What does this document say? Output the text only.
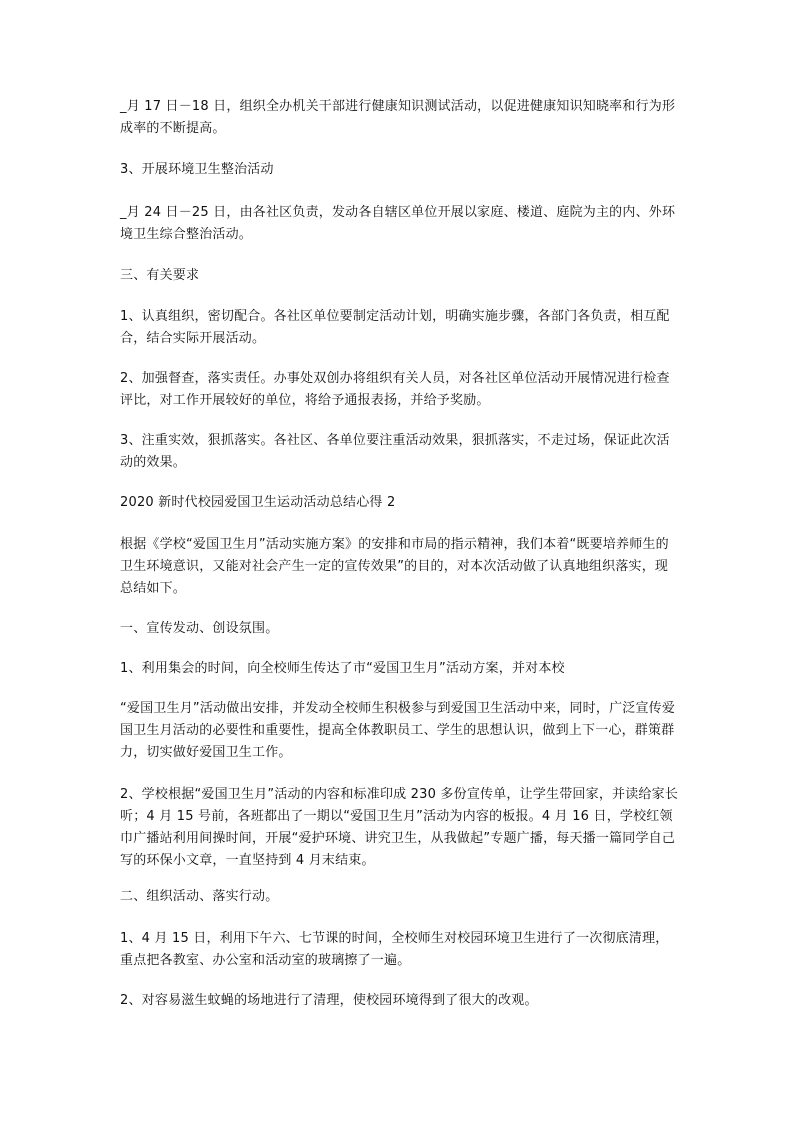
_月 17 日－18 日，组织全办机关干部进行健康知识测试活动，以促进健康知识知晓率和行为形成率的不断提高。

3、开展环境卫生整治活动

_月 24 日－25 日，由各社区负责，发动各自辖区单位开展以家庭、楼道、庭院为主的内、外环境卫生综合整治活动。

三、有关要求

1、认真组织，密切配合。各社区单位要制定活动计划，明确实施步骤，各部门各负责，相互配合，结合实际开展活动。

2、加强督查，落实责任。办事处双创办将组织有关人员，对各社区单位活动开展情况进行检查评比，对工作开展较好的单位，将给予通报表扬，并给予奖励。

3、注重实效，狠抓落实。各社区、各单位要注重活动效果，狠抓落实，不走过场，保证此次活动的效果。

2020 新时代校园爱国卫生运动活动总结心得 2

根据《学校“爱国卫生月”活动实施方案》的安排和市局的指示精神，我们本着“既要培养师生的卫生环境意识，又能对社会产生一定的宣传效果”的目的，对本次活动做了认真地组织落实，现总结如下。

一、宣传发动、创设氛围。

1、利用集会的时间，向全校师生传达了市“爱国卫生月”活动方案，并对本校

“爱国卫生月”活动做出安排，并发动全校师生积极参与到爱国卫生活动中来，同时，广泛宣传爱国卫生月活动的必要性和重要性，提高全体教职员工、学生的思想认识，做到上下一心，群策群力，切实做好爱国卫生工作。

2、学校根据“爱国卫生月”活动的内容和标准印成 230 多份宣传单，让学生带回家，并读给家长听；4 月 15 号前，各班都出了一期以“爱国卫生月”活动为内容的板报。4 月 16 日，学校红领巾广播站利用间操时间，开展“爱护环境、讲究卫生，从我做起”专题广播，每天播一篇同学自己写的环保小文章，一直坚持到 4 月末结束。

二、组织活动、落实行动。

1、4 月 15 日，利用下午六、七节课的时间，全校师生对校园环境卫生进行了一次彻底清理，重点把各教室、办公室和活动室的玻璃擦了一遍。

2、对容易滋生蚊蝇的场地进行了清理，使校园环境得到了很大的改观。
